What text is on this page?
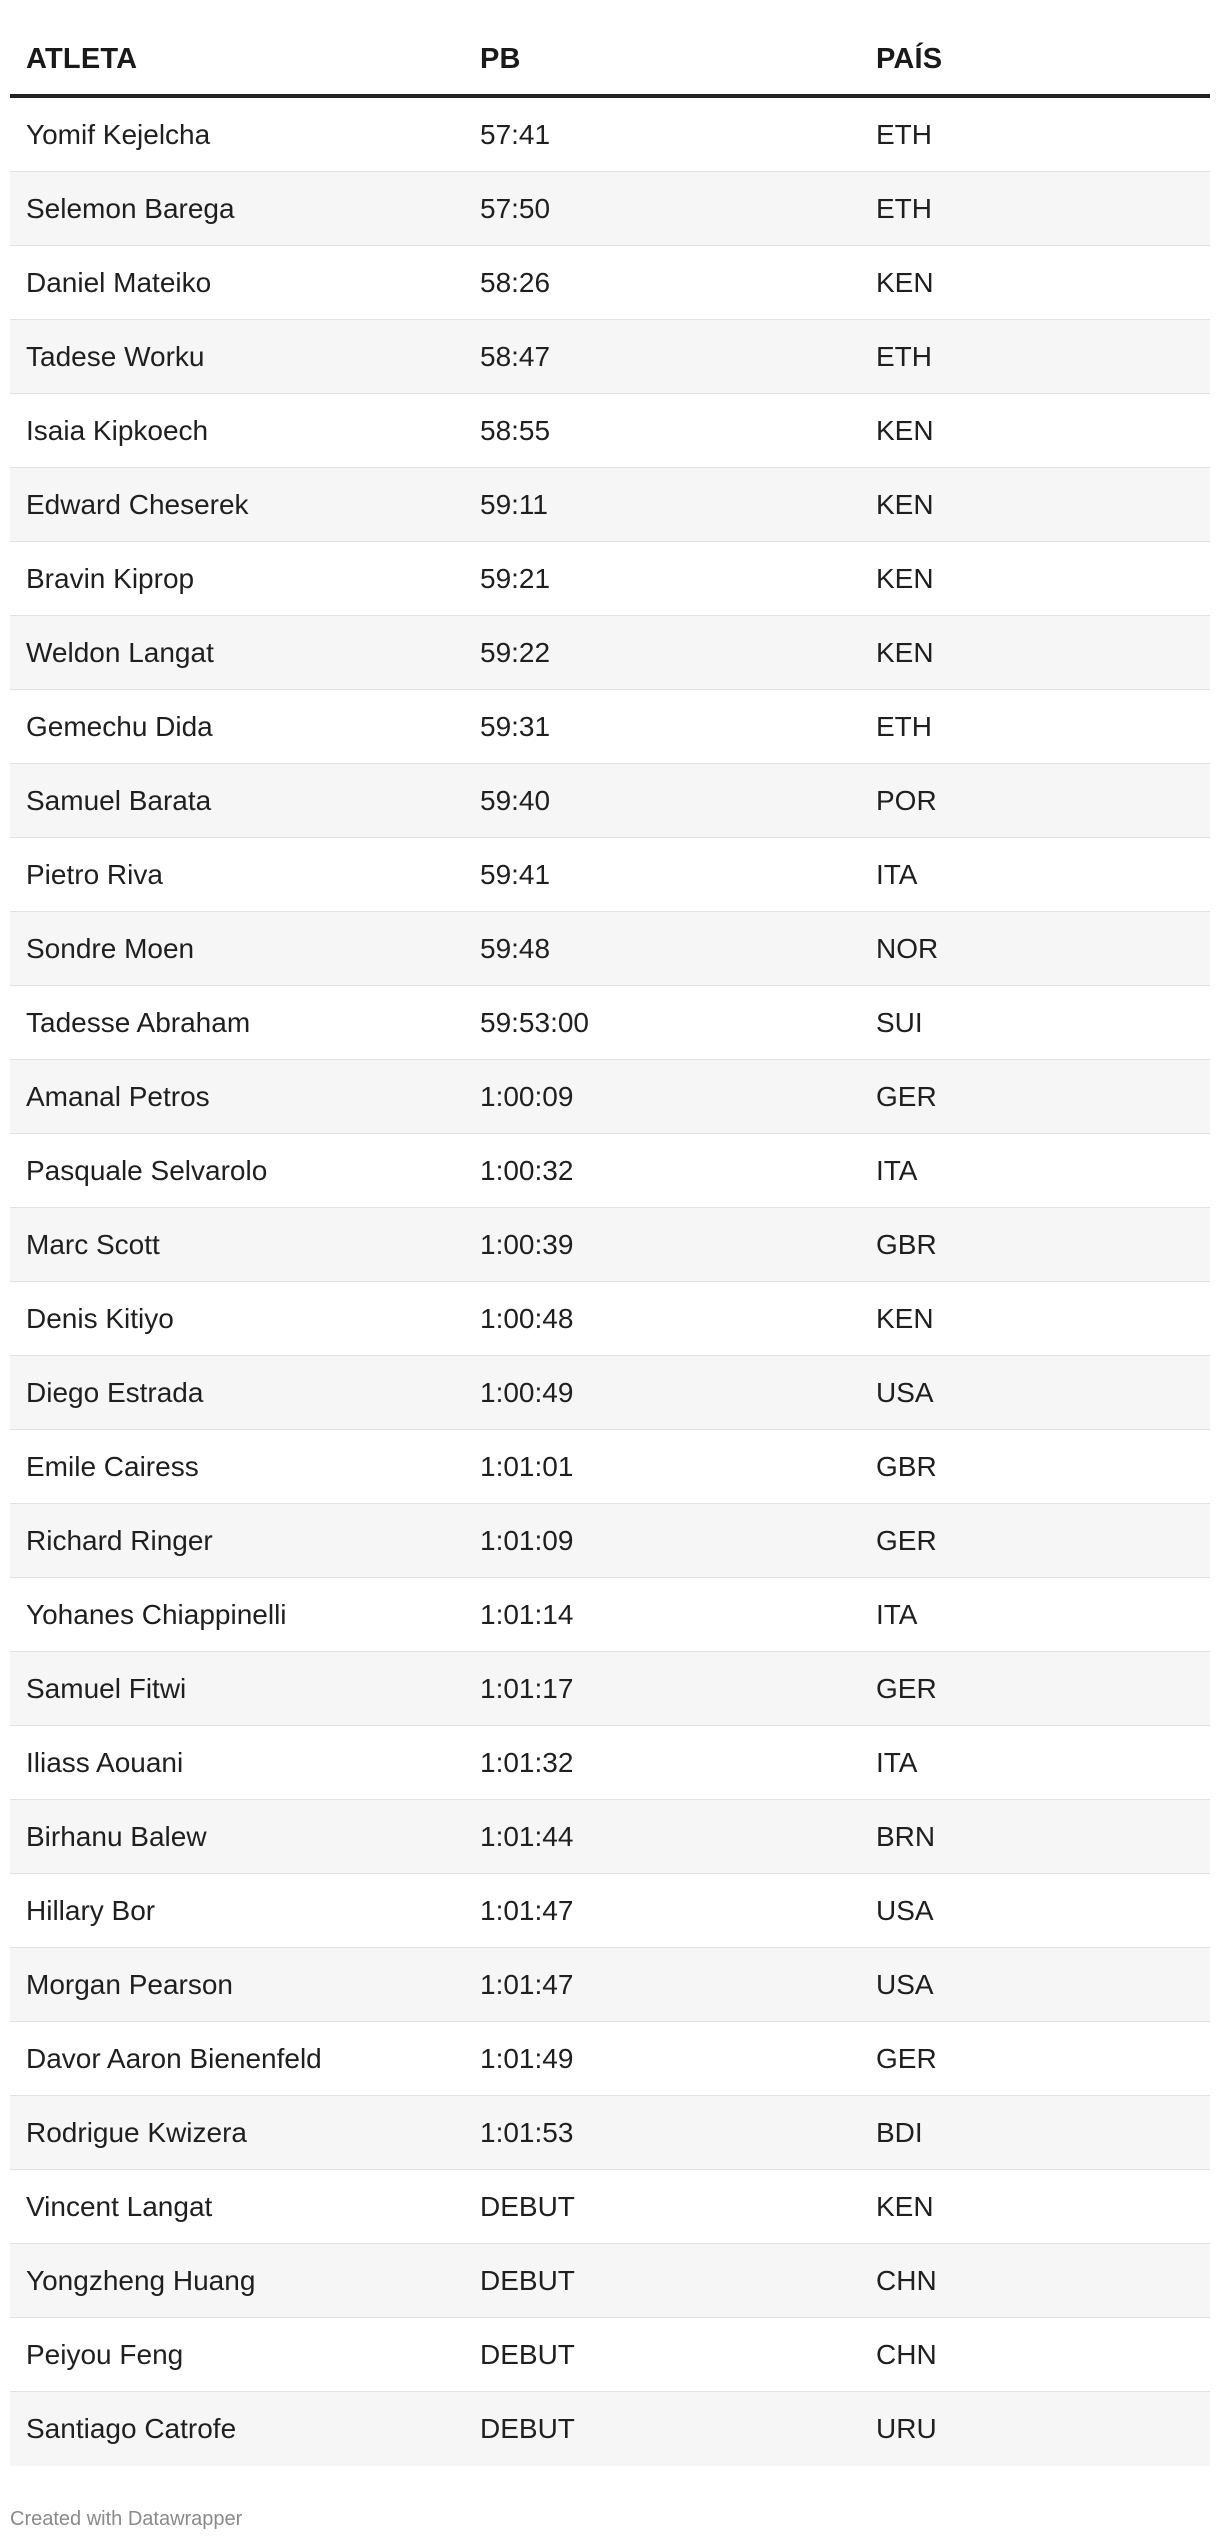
ATLETA	PB	PAÍS
Yomif Kejelcha	57:41	ETH
Selemon Barega	57:50	ETH
Daniel Mateiko	58:26	KEN
Tadese Worku	58:47	ETH
Isaia Kipkoech	58:55	KEN
Edward Cheserek	59:11	KEN
Bravin Kiprop	59:21	KEN
Weldon Langat	59:22	KEN
Gemechu Dida	59:31	ETH
Samuel Barata	59:40	POR
Pietro Riva	59:41	ITA
Sondre Moen	59:48	NOR
Tadesse Abraham	59:53:00	SUI
Amanal Petros	1:00:09	GER
Pasquale Selvarolo	1:00:32	ITA
Marc Scott	1:00:39	GBR
Denis Kitiyo	1:00:48	KEN
Diego Estrada	1:00:49	USA
Emile Cairess	1:01:01	GBR
Richard Ringer	1:01:09	GER
Yohanes Chiappinelli	1:01:14	ITA
Samuel Fitwi	1:01:17	GER
Iliass Aouani	1:01:32	ITA
Birhanu Balew	1:01:44	BRN
Hillary Bor	1:01:47	USA
Morgan Pearson	1:01:47	USA
Davor Aaron Bienenfeld	1:01:49	GER
Rodrigue Kwizera	1:01:53	BDI
Vincent Langat	DEBUT	KEN
Yongzheng Huang	DEBUT	CHN
Peiyou Feng	DEBUT	CHN
Santiago Catrofe	DEBUT	URU
Created with Datawrapper
